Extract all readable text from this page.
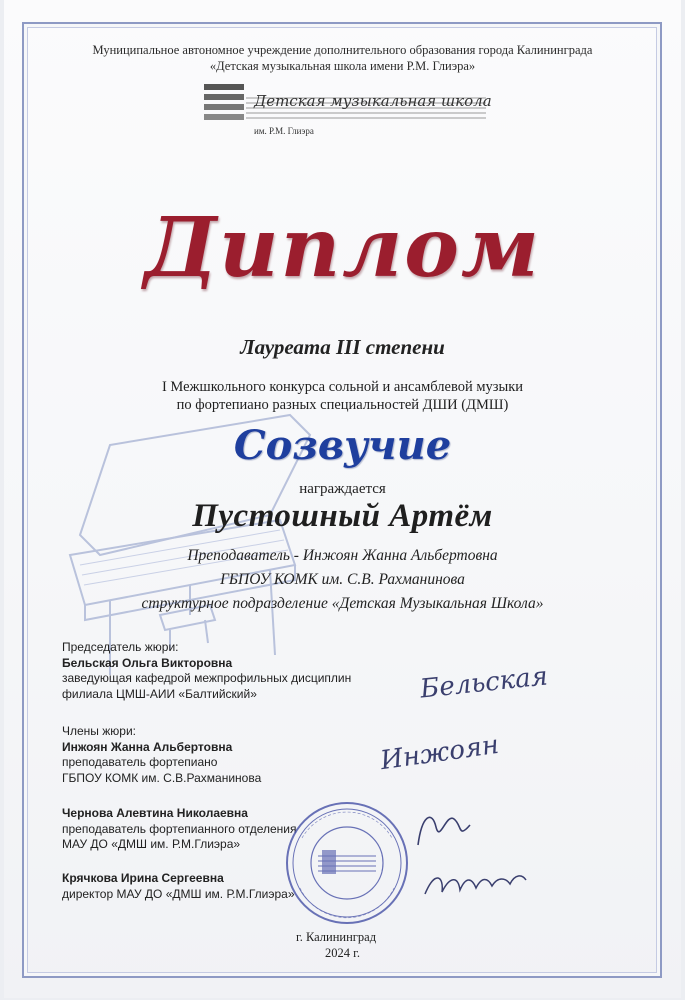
Муниципальное автономное учреждение дополнительного образования города Калининграда
«Детская музыкальная школа имени Р.М. Глиэра»
Детская музыкальная школа
им. Р.М. Глиэра
Диплом
Лауреата III степени
I Межшкольного конкурса сольной и ансамблевой музыки
по фортепиано разных специальностей ДШИ (ДМШ)
Созвучие
награждается
Пустошный Артём
Преподаватель - Инжоян Жанна Альбертовна
ГБПОУ КОМК им. С.В. Рахманинова
структурное подразделение «Детская Музыкальная Школа»
Председатель жюри:
Бельская Ольга Викторовна
заведующая кафедрой межпрофильных дисциплин
филиала ЦМШ-АИИ «Балтийский»
Члены жюри:
Инжоян Жанна Альбертовна
преподаватель фортепиано
ГБПОУ КОМК им. С.В.Рахманинова
Чернова Алевтина Николаевна
преподаватель фортепианного отделения
МАУ ДО «ДМШ им. Р.М.Глиэра»
Крячкова Ирина Сергеевна
директор МАУ ДО «ДМШ им. Р.М.Глиэра»
Бельская
Инжоян
г. Калининград
2024 г.
